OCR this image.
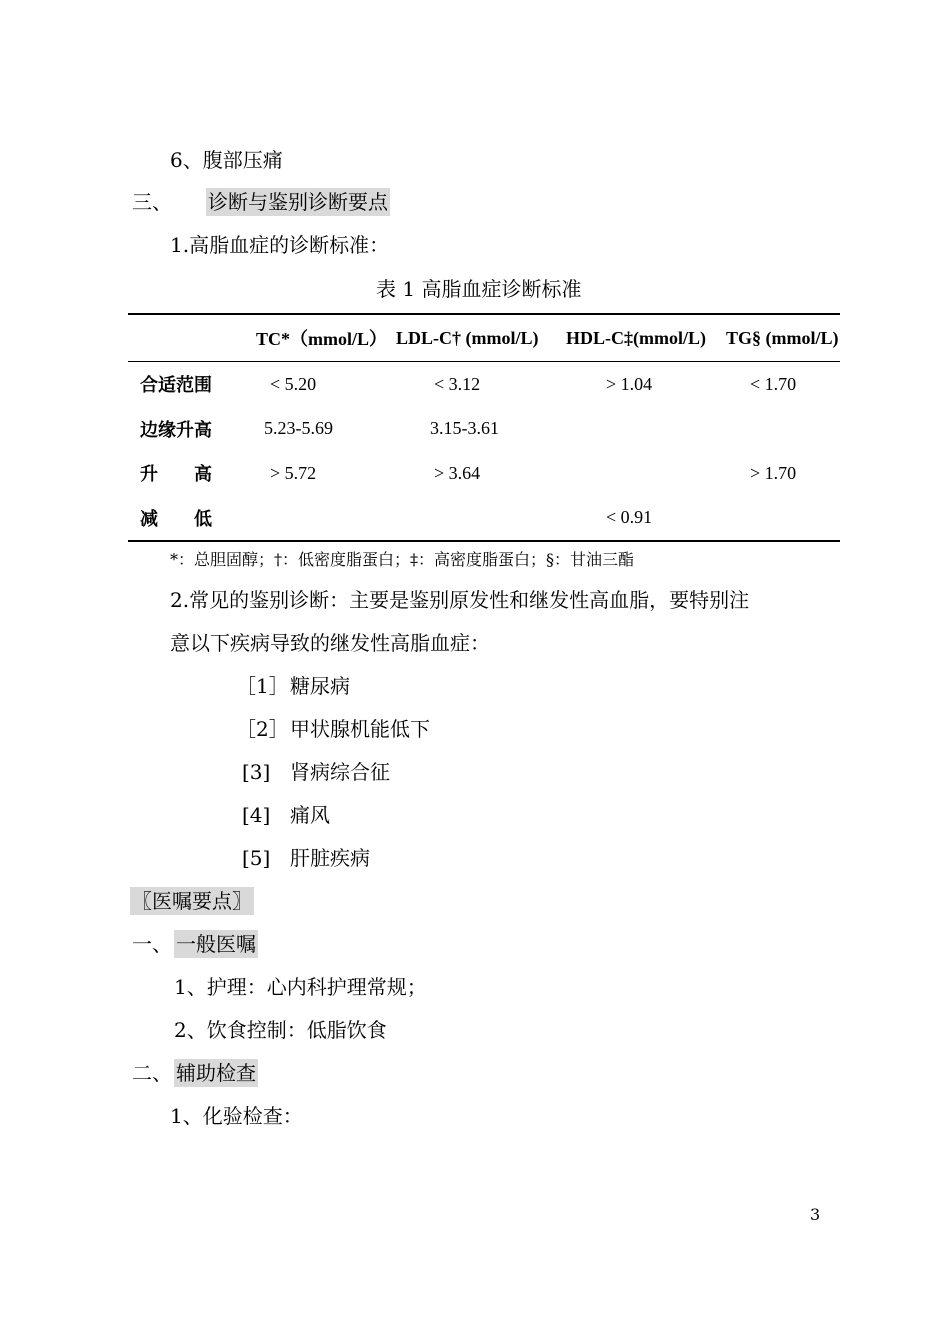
6、腹部压痛
三、 诊断与鉴别诊断要点
1.高脂血症的诊断标准：
表 1 高脂血症诊断标准
	TC*（mmol/L）	LDL-C† (mmol/L)	HDL-C‡(mmol/L)	TG§ (mmol/L)
合适范围	< 5.20	< 3.12	> 1.04	< 1.70
边缘升高	5.23-5.69	3.15-3.61		
升　　高	> 5.72	> 3.64		> 1.70
减　　低			< 0.91	
*：总胆固醇；†：低密度脂蛋白；‡：高密度脂蛋白；§：甘油三酯
2.常见的鉴别诊断：主要是鉴别原发性和继发性高血脂，要特别注
意以下疾病导致的继发性高脂血症：
［1］ 糖尿病
［2］ 甲状腺机能低下
[3] 肾病综合征
[4] 痛风
[5] 肝脏疾病
〖医嘱要点〗
一、 一般医嘱
1、护理：心内科护理常规；
2、饮食控制：低脂饮食
二、 辅助检查
1、化验检查：
3
